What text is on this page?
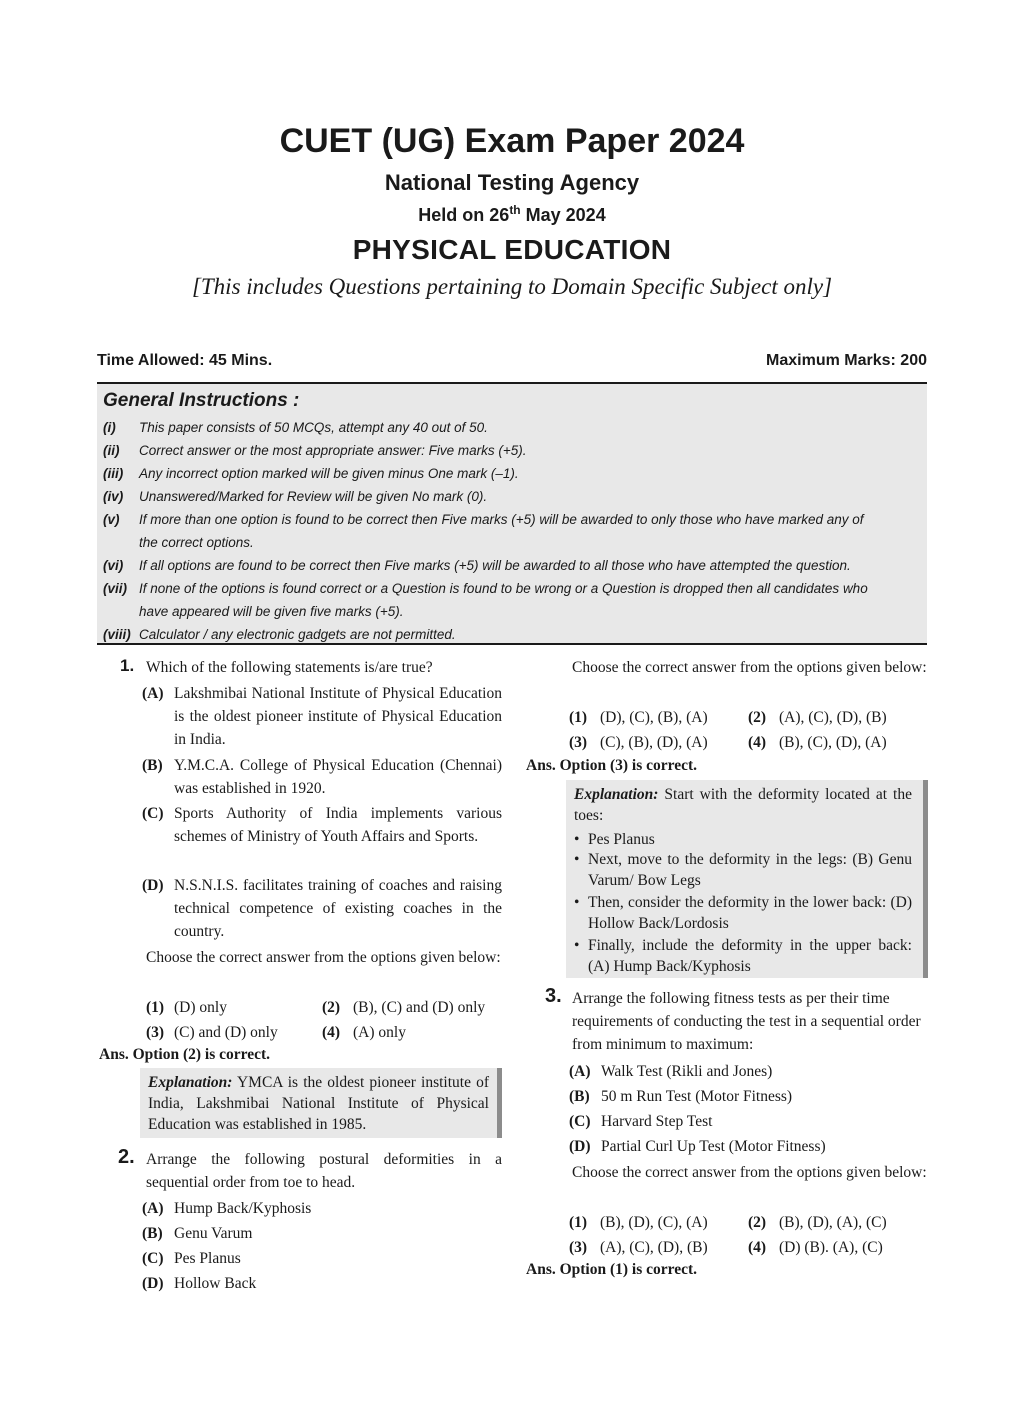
CUET (UG) Exam Paper 2024
National Testing Agency
Held on 26th May 2024
PHYSICAL EDUCATION
[This includes Questions pertaining to Domain Specific Subject only]
Time Allowed: 45 Mins.	Maximum Marks: 200
General Instructions :
(i) This paper consists of 50 MCQs, attempt any 40 out of 50.
(ii) Correct answer or the most appropriate answer: Five marks (+5).
(iii) Any incorrect option marked will be given minus One mark (–1).
(iv) Unanswered/Marked for Review will be given No mark (0).
(v) If more than one option is found to be correct then Five marks (+5) will be awarded to only those who have marked any of
the correct options.
(vi) If all options are found to be correct then Five marks (+5) will be awarded to all those who have attempted the question.
(vii) If none of the options is found correct or a Question is found to be wrong or a Question is dropped then all candidates who
have appeared will be given five marks (+5).
(viii) Calculator / any electronic gadgets are not permitted.
1. Which of the following statements is/are true?
(A) Lakshmibai National Institute of Physical Education is the oldest pioneer institute of Physical Education in India.
(B) Y.M.C.A. College of Physical Education (Chennai) was established in 1920.
(C) Sports Authority of India implements various schemes of Ministry of Youth Affairs and Sports.
(D) N.S.N.I.S. facilitates training of coaches and raising technical competence of existing coaches in the country.
Choose the correct answer from the options given below:
(1) (D) only	(2) (B), (C) and (D) only
(3) (C) and (D) only	(4) (A) only
Ans. Option (2) is correct.
Explanation: YMCA is the oldest pioneer institute of India, Lakshmibai National Institute of Physical Education was established in 1985.
2. Arrange the following postural deformities in a sequential order from toe to head.
(A) Hump Back/Kyphosis
(B) Genu Varum
(C) Pes Planus
(D) Hollow Back
Choose the correct answer from the options given below:
(1) (D), (C), (B), (A)	(2) (A), (C), (D), (B)
(3) (C), (B), (D), (A)	(4) (B), (C), (D), (A)
Ans. Option (3) is correct.
Explanation: Start with the deformity located at the toes:
• Pes Planus
• Next, move to the deformity in the legs: (B) Genu Varum/ Bow Legs
• Then, consider the deformity in the lower back: (D) Hollow Back/Lordosis
• Finally, include the deformity in the upper back: (A) Hump Back/Kyphosis
3. Arrange the following fitness tests as per their time requirements of conducting the test in a sequential order from minimum to maximum:
(A) Walk Test (Rikli and Jones)
(B) 50 m Run Test (Motor Fitness)
(C) Harvard Step Test
(D) Partial Curl Up Test (Motor Fitness)
Choose the correct answer from the options given below:
(1) (B), (D), (C), (A)	(2) (B), (D), (A), (C)
(3) (A), (C), (D), (B)	(4) (D) (B). (A), (C)
Ans. Option (1) is correct.
